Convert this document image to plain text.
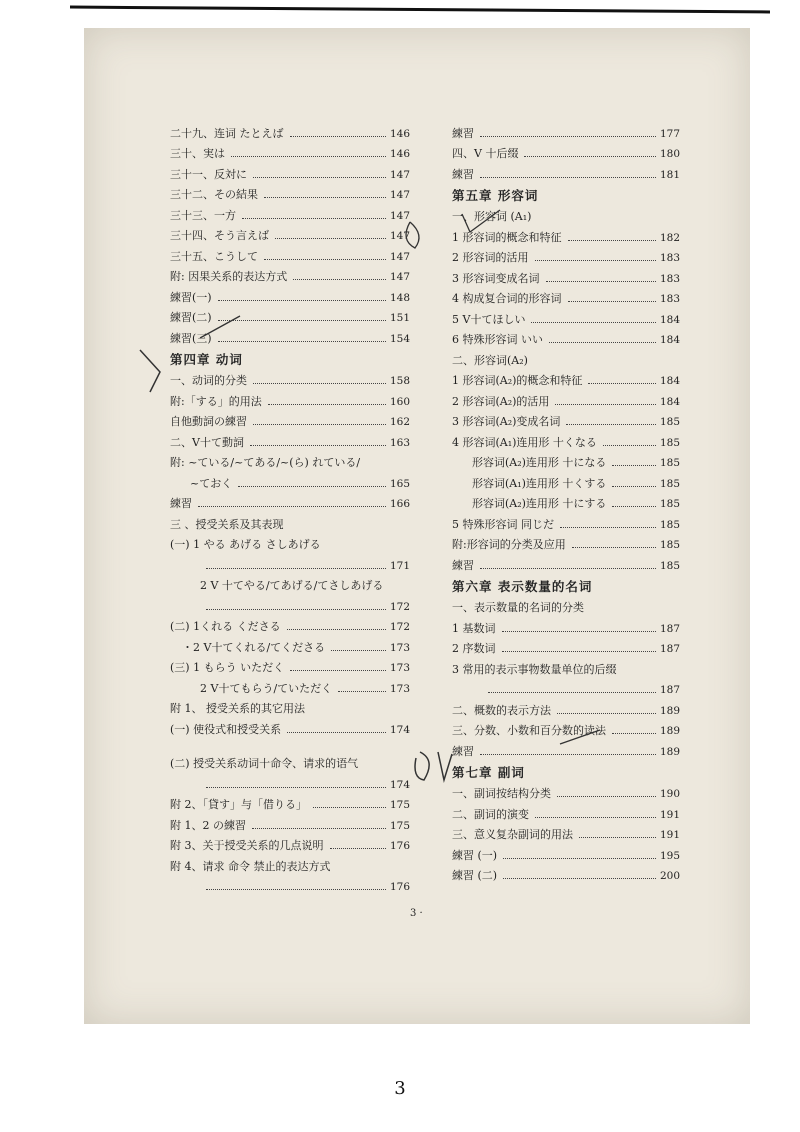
二十九、连词 たとえば	146
三十、実は	146
三十一、反対に	147
三十二、その結果	147
三十三、一方	147
三十四、そう言えば	147
三十五、こうして	147
附: 因果关系的表达方式	147
練習(一)	148
練習(二)	151
練習(三)	154
第四章 动词
一、动词的分类	158
附:「する」的用法	160
自他動詞の練習	162
二、V十て動詞	163
附: ~ている/~てある/~(ら) れている/
~ておく	165
練習	166
三 、授受关系及其表现
(一) 1 やる あげる さしあげる
171
2 V 十てやる/てあげる/てさしあげる
172
(二) 1くれる くださる	172
・2 V十てくれる/てくださる	173
(三) 1 もらう いただく	173
2 V十てもらう/ていただく	173
附 1、 授受关系的其它用法
(一) 使役式和授受关系	174
(二) 授受关系动词十命令、请求的语气
174
附 2、「貸す」与「借りる」	175
附 1、2 の練習	175
附 3、关于授受关系的几点说明	176
附 4、请求 命令 禁止的表达方式
176
練習	177
四、V 十后缀	180
練習	181
第五章 形容词
一、形容词 (A₁)
1 形容词的概念和特征	182
2 形容词的活用	183
3 形容词变成名词	183
4 构成复合词的形容词	183
5 V十てほしい	184
6 特殊形容词 いい	184
二、形容词(A₂)
1 形容词(A₂)的概念和特征	184
2 形容词(A₂)的活用	184
3 形容词(A₂)变成名词	185
4 形容词(A₁)连用形 十くなる	185
形容词(A₂)连用形 十になる	185
形容词(A₁)连用形 十くする	185
形容词(A₂)连用形 十にする	185
5 特殊形容词 同じだ	185
附:形容词的分类及应用	185
練習	185
第六章 表示数量的名词
一、表示数量的名词的分类
1 基数词	187
2 序数词	187
3 常用的表示事物数量单位的后缀
187
二、概数的表示方法	189
三、分数、小数和百分数的读法	189
練習	189
第七章 副词
一、副词按结构分类	190
二、副词的演变	191
三、意义复杂副词的用法	191
練習 (一)	195
練習 (二)	200
3 ·
3
